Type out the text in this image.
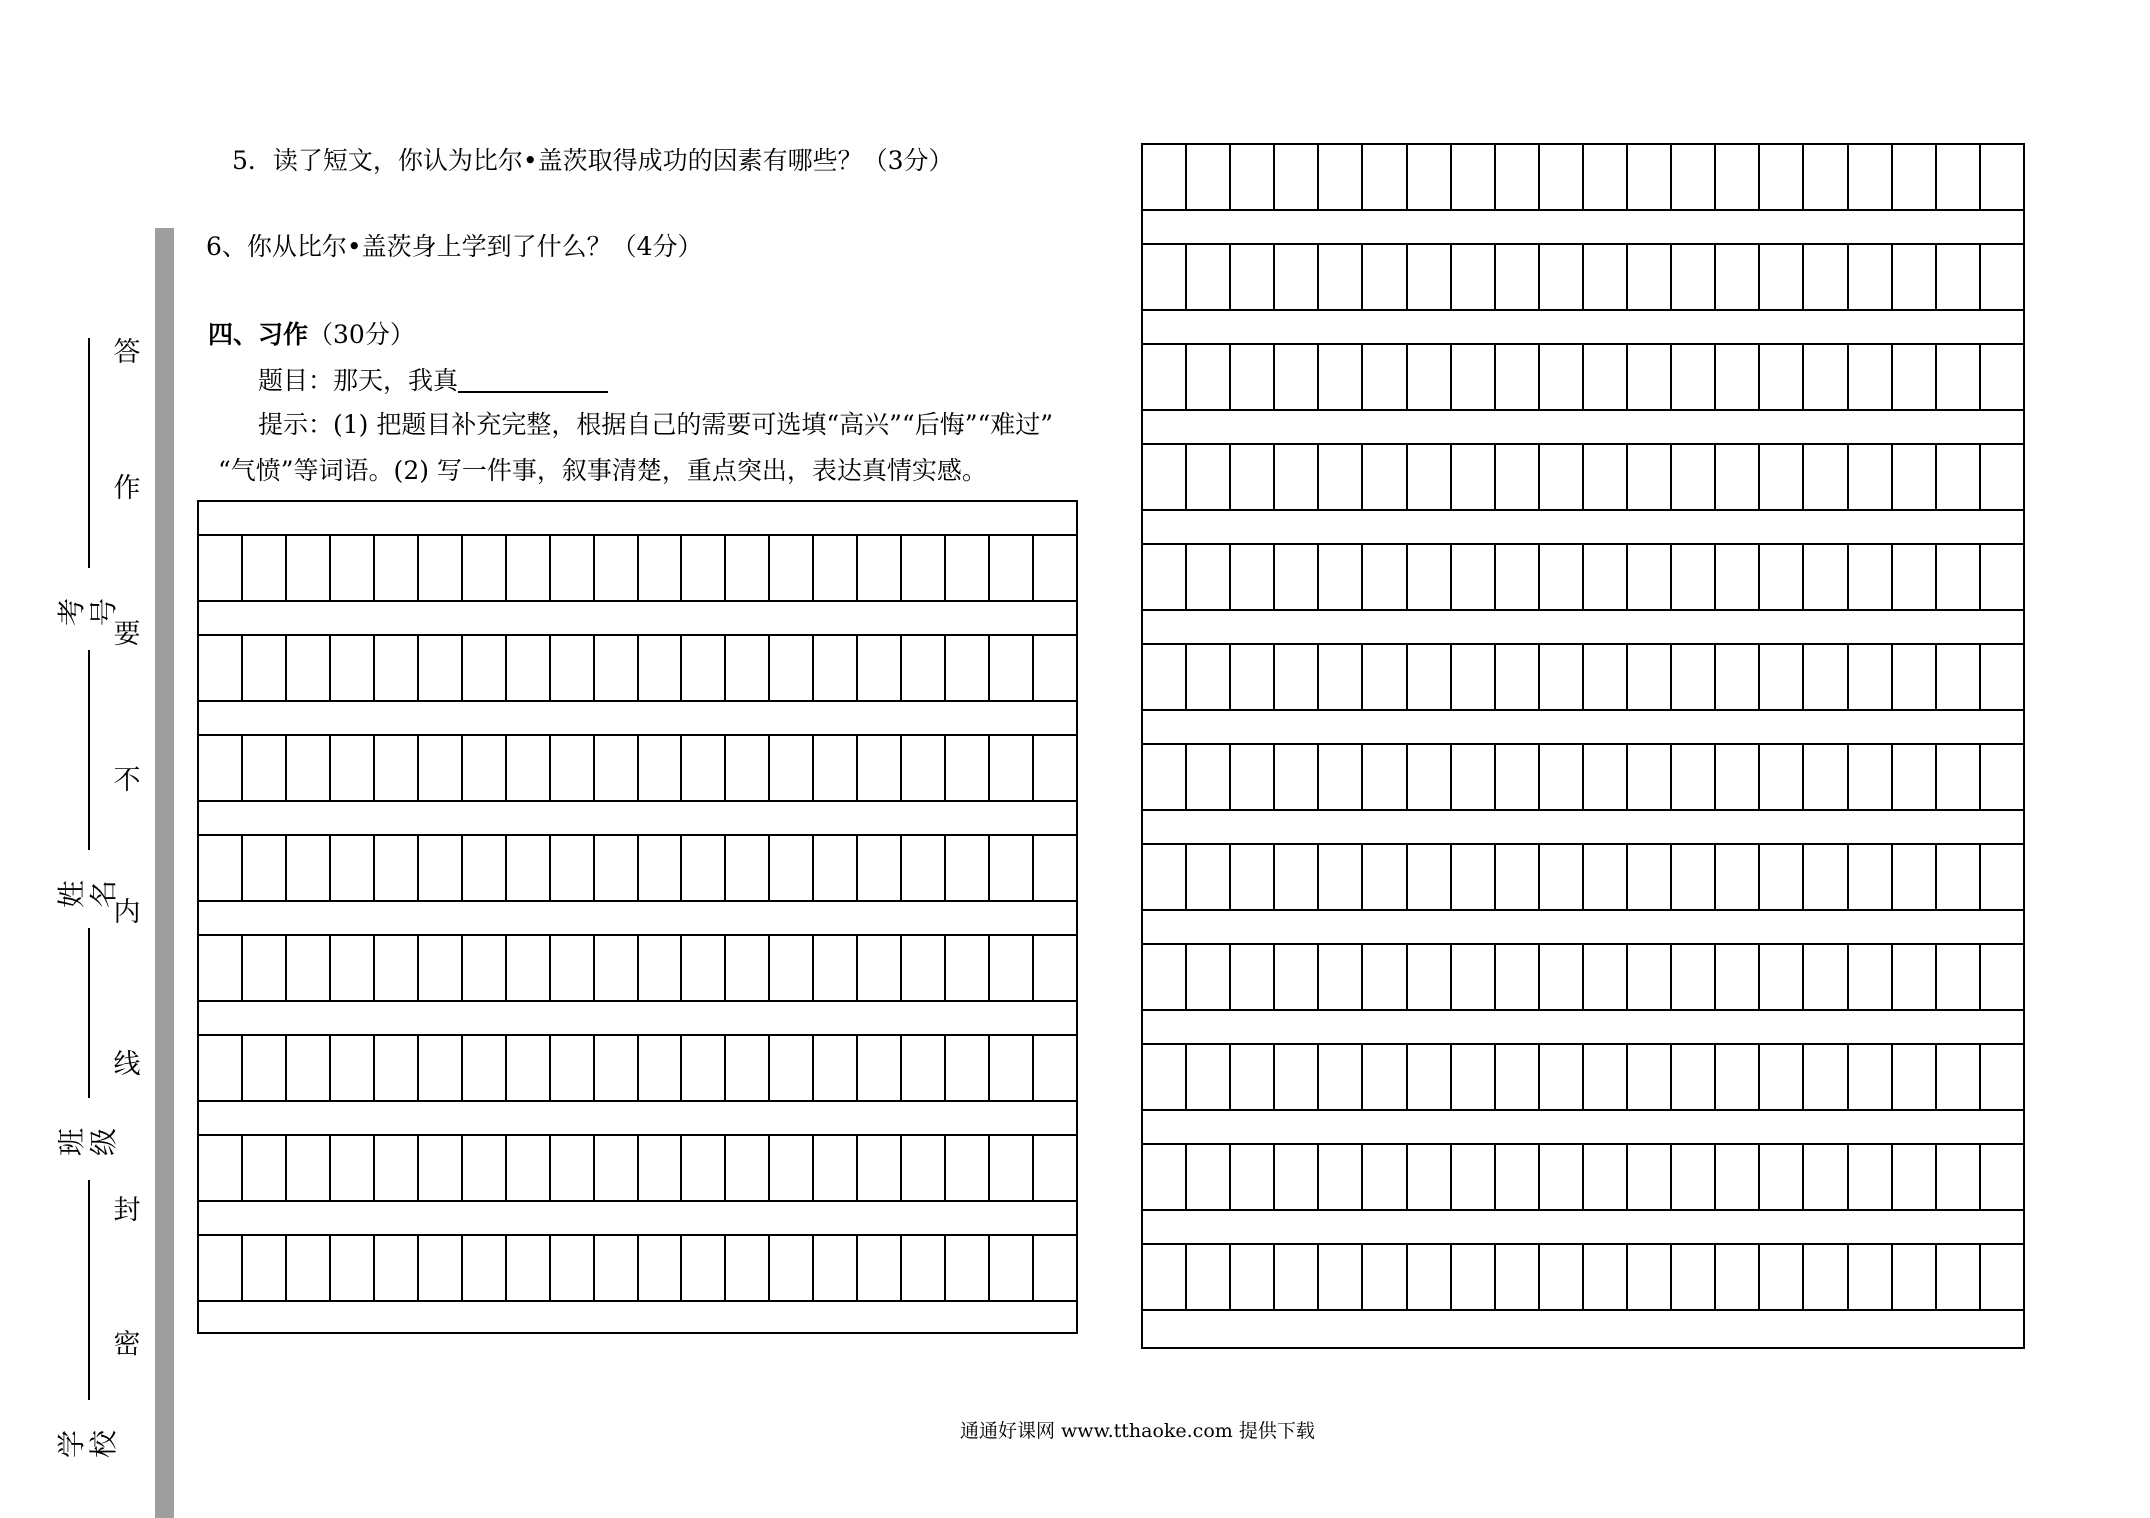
答
作
要
不
内
线
封
密
考号
姓名
班级
学校
5．读了短文，你认为比尔•盖茨取得成功的因素有哪些？（3分）
6、你从比尔•盖茨身上学到了什么？（4分）
四、习作（30分）
题目：那天，我真
提示：(1) 把题目补充完整，根据自己的需要可选填“高兴”“后悔”“难过”
“气愤”等词语。(2) 写一件事，叙事清楚，重点突出，表达真情实感。
通通好课网 www.tthaoke.com 提供下载
